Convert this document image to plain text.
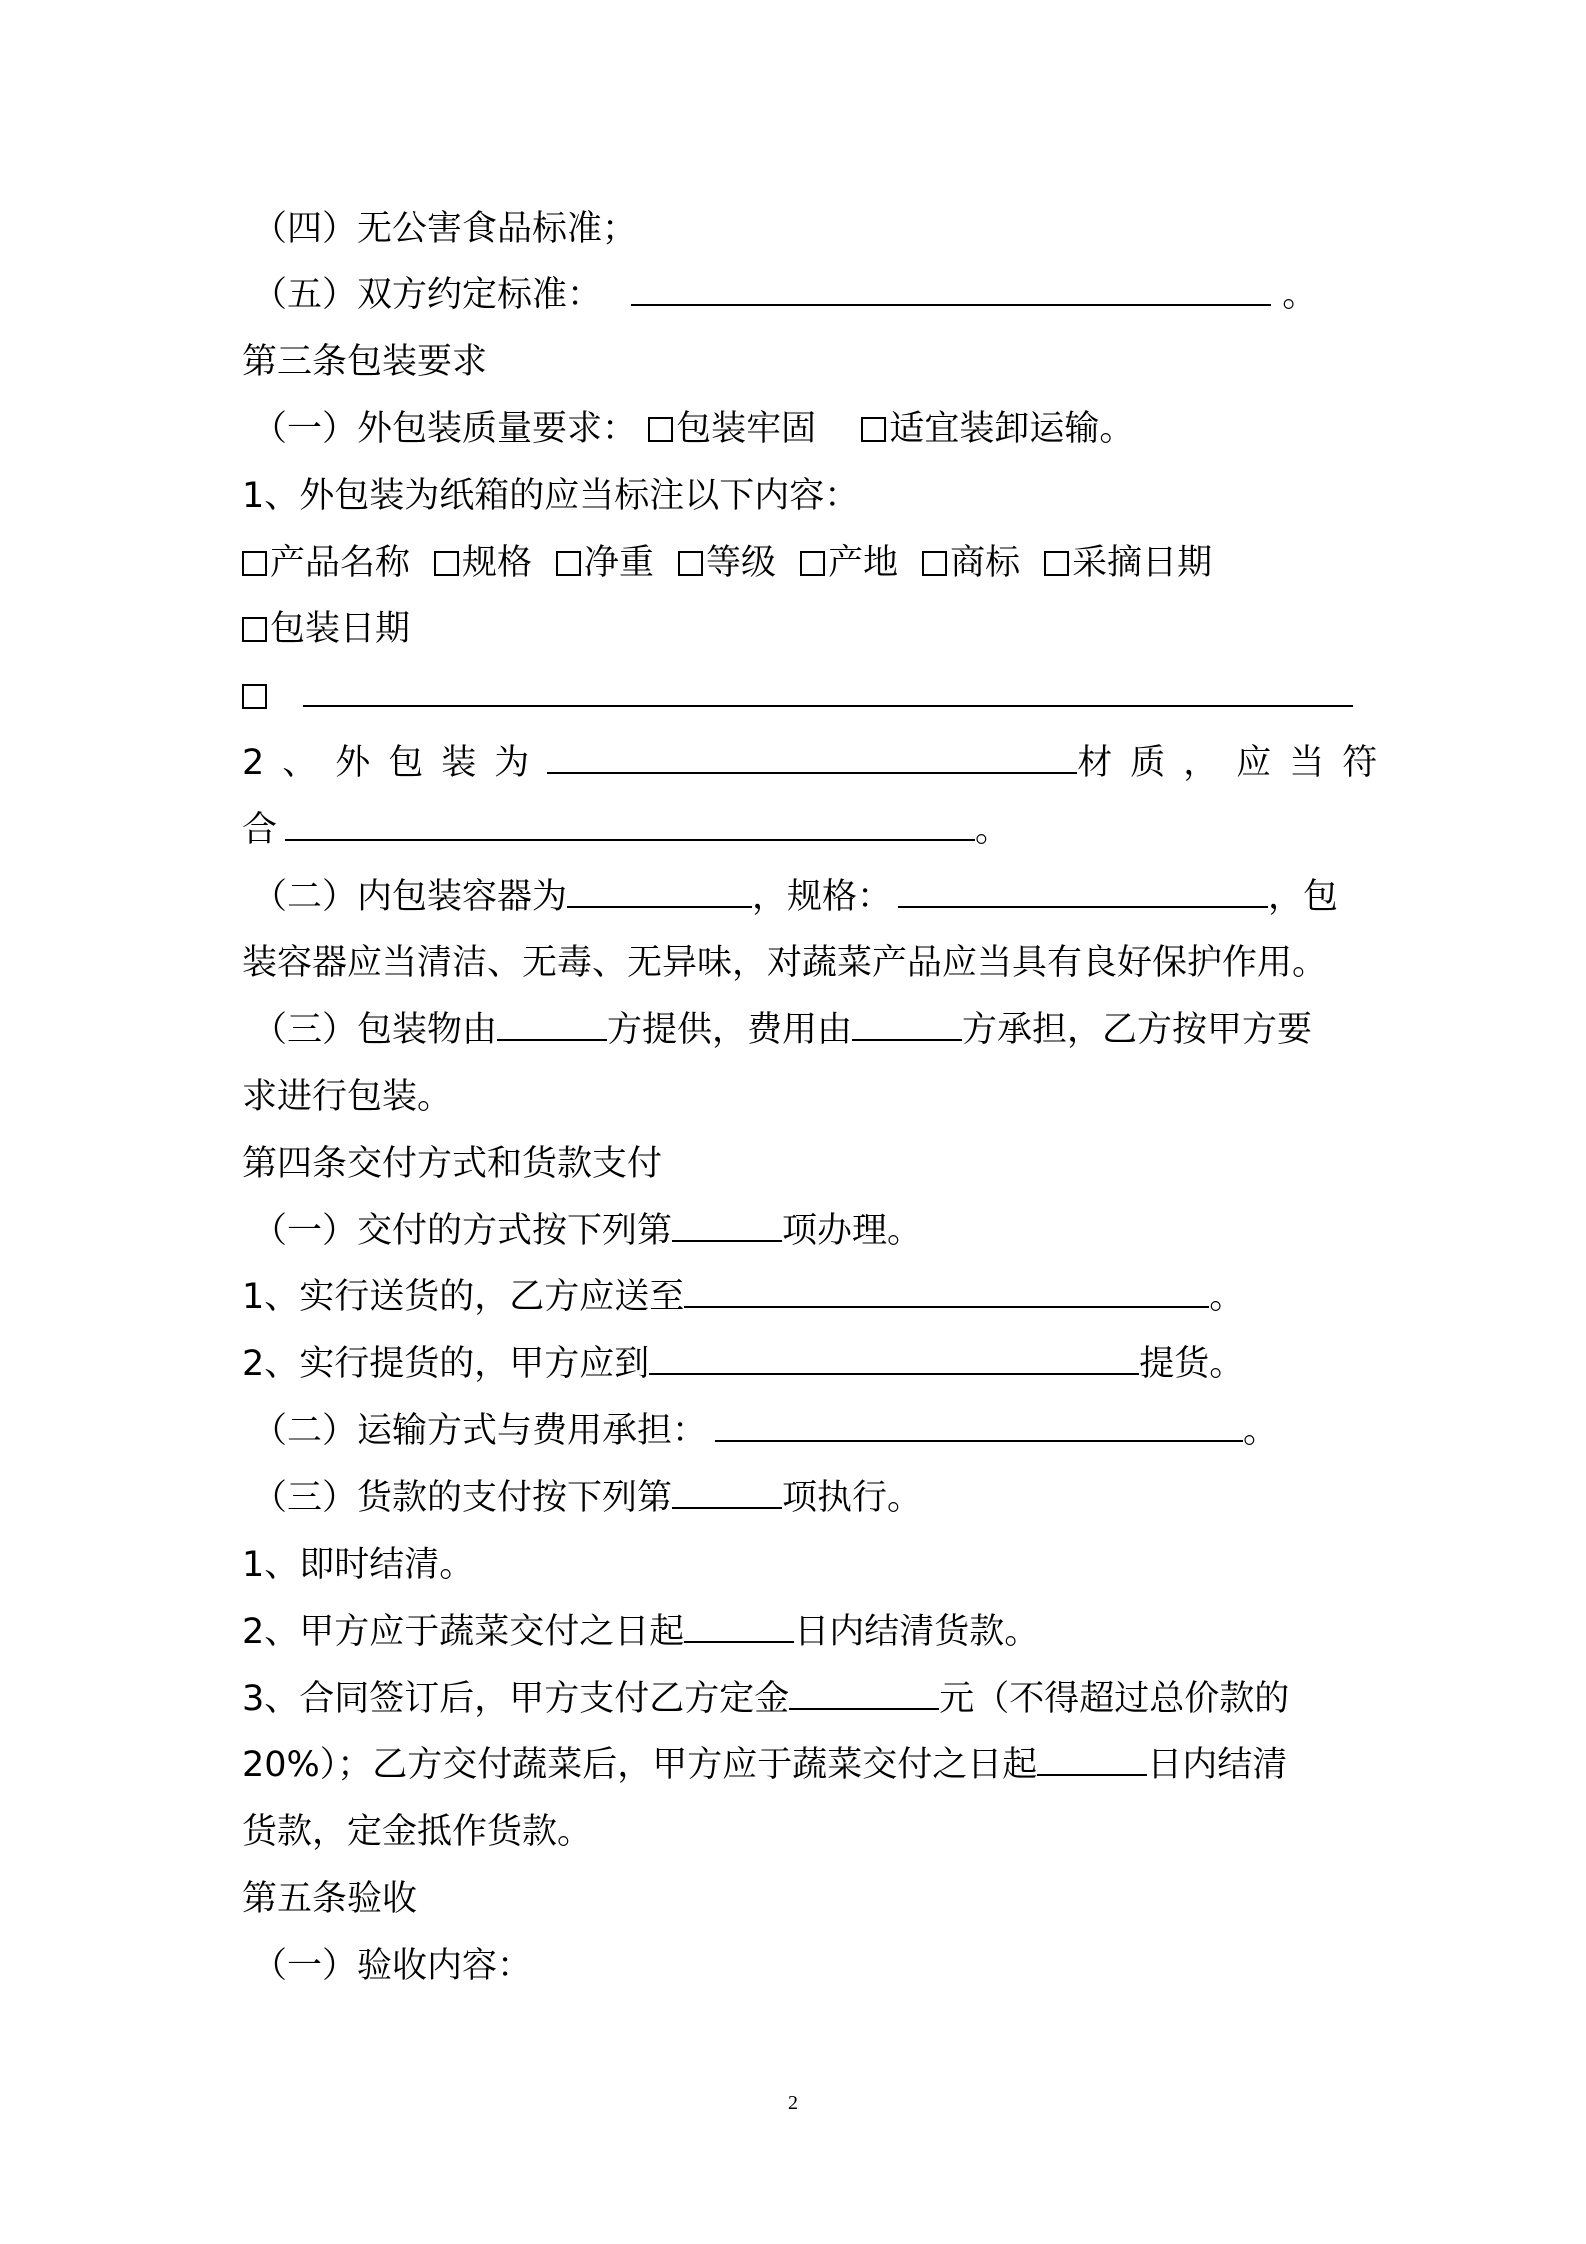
（四）无公害食品标准；
（五）双方约定标准：	。
第三条包装要求
（一）外包装质量要求： 包装牢固 适宜装卸运输。
1、外包装为纸箱的应当标注以下内容：
产品名称 规格 净重 等级 产地 商标 采摘日期
包装日期

2、外包装为	材质，应当符
合	。
（二）内包装容器为	，规格：	，包
装容器应当清洁、无毒、无异味，对蔬菜产品应当具有良好保护作用。
（三）包装物由	方提供，费用由	方承担，乙方按甲方要
求进行包装。
第四条交付方式和货款支付
（一）交付的方式按下列第	项办理。
1、实行送货的，乙方应送至	。
2、实行提货的，甲方应到	提货。
（二）运输方式与费用承担：	。
（三）货款的支付按下列第	项执行。
1、即时结清。
2、甲方应于蔬菜交付之日起	日内结清货款。
3、合同签订后，甲方支付乙方定金	元（不得超过总价款的
20%）；乙方交付蔬菜后，甲方应于蔬菜交付之日起	日内结清
货款，定金抵作货款。
第五条验收
（一）验收内容：
2
